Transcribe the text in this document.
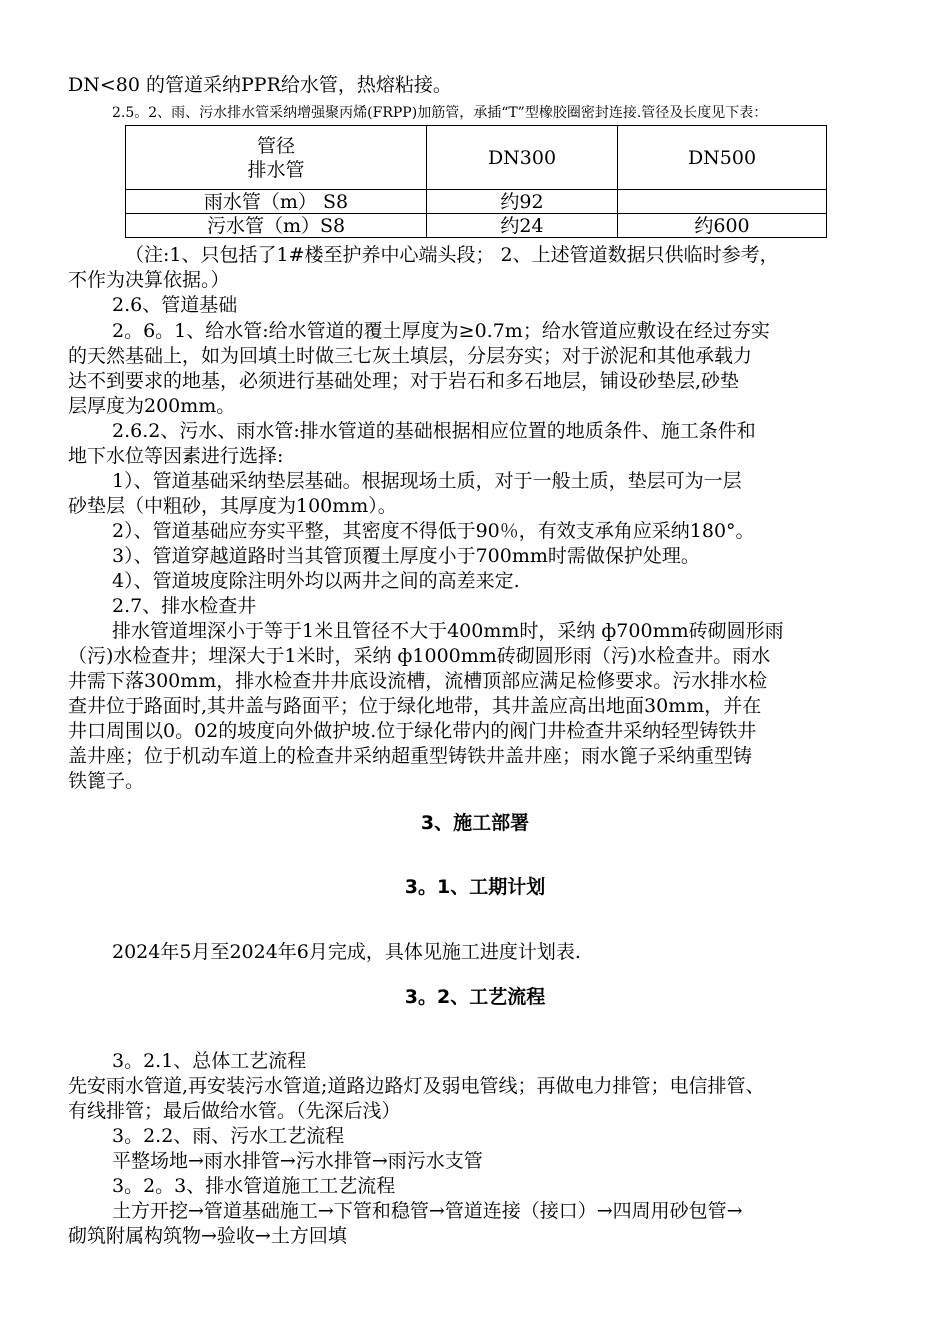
DN<80 的管道采纳PPR给水管，热熔粘接。
2.5。2、雨、污水排水管采纳增强聚丙烯(FRPP)加筋管，承插“T”型橡胶圈密封连接.管径及长度见下表：
管径
排水管	DN300	DN500
雨水管（m） S8	约92	
污水管（m）S8	约24	约600
（注:1、只包括了1#楼至护养中心端头段； 2、上述管道数据只供临时参考，
不作为决算依据。）
2.6、管道基础
2。6。1、给水管:给水管道的覆土厚度为≥0.7m；给水管道应敷设在经过夯实
的天然基础上，如为回填土时做三七灰土填层，分层夯实；对于淤泥和其他承载力
达不到要求的地基，必须进行基础处理；对于岩石和多石地层，铺设砂垫层,砂垫
层厚度为200mm。
2.6.2、污水、雨水管:排水管道的基础根据相应位置的地质条件、施工条件和
地下水位等因素进行选择:
1）、管道基础采纳垫层基础。根据现场土质，对于一般土质，垫层可为一层
砂垫层（中粗砂，其厚度为100mm）。
2）、管道基础应夯实平整，其密度不得低于90％，有效支承角应采纳180°。
3）、管道穿越道路时当其管顶覆土厚度小于700mm时需做保护处理。
4）、管道坡度除注明外均以两井之间的高差来定.
2.7、排水检查井
排水管道埋深小于等于1米且管径不大于400mm时，采纳 ф700mm砖砌圆形雨
（污)水检查井；埋深大于1米时，采纳 ф1000mm砖砌圆形雨（污)水检查井。雨水
井需下落300mm，排水检查井井底设流槽，流槽顶部应满足检修要求。污水排水检
查井位于路面时,其井盖与路面平；位于绿化地带，其井盖应高出地面30mm，并在
井口周围以0。02的坡度向外做护坡.位于绿化带内的阀门井检查井采纳轻型铸铁井
盖井座；位于机动车道上的检查井采纳超重型铸铁井盖井座；雨水篦子采纳重型铸
铁篦子。
3、施工部署
3。1、工期计划
2024年5月至2024年6月完成，具体见施工进度计划表.
3。2、工艺流程
3。2.1、总体工艺流程
先安雨水管道,再安装污水管道;道路边路灯及弱电管线；再做电力排管；电信排管、
有线排管；最后做给水管。（先深后浅）
3。2.2、雨、污水工艺流程
平整场地→雨水排管→污水排管→雨污水支管
3。2。3、排水管道施工工艺流程
土方开挖→管道基础施工→下管和稳管→管道连接（接口）→四周用砂包管→
砌筑附属构筑物→验收→土方回填
